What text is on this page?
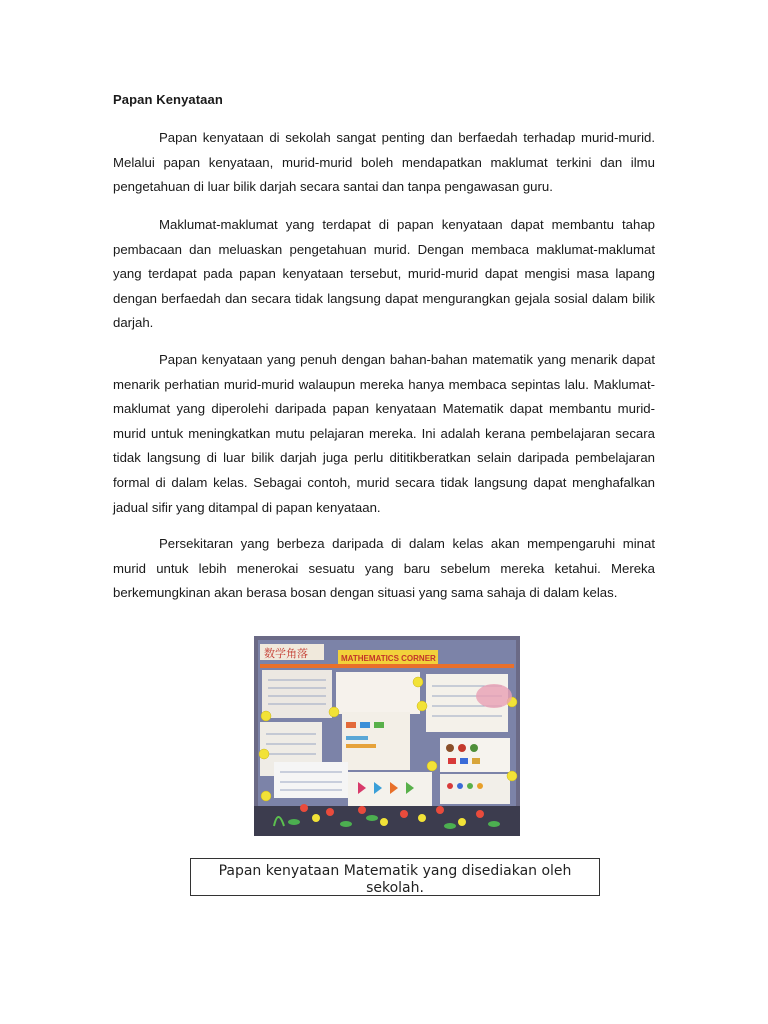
Papan Kenyataan

Papan kenyataan di sekolah sangat penting dan berfaedah terhadap murid-murid. Melalui papan kenyataan, murid-murid boleh mendapatkan maklumat terkini dan ilmu pengetahuan di luar bilik darjah secara santai dan tanpa pengawasan guru.

Maklumat-maklumat yang terdapat di papan kenyataan dapat membantu tahap pembacaan dan meluaskan pengetahuan murid. Dengan membaca maklumat-maklumat yang terdapat pada papan kenyataan tersebut, murid-murid dapat mengisi masa lapang dengan berfaedah dan secara tidak langsung dapat mengurangkan gejala sosial dalam bilik darjah.

Papan kenyataan yang penuh dengan bahan-bahan matematik yang menarik dapat menarik perhatian murid-murid walaupun mereka hanya membaca sepintas lalu. Maklumat-maklumat yang diperolehi daripada papan kenyataan Matematik dapat membantu murid-murid untuk meningkatkan mutu pelajaran mereka. Ini adalah kerana pembelajaran secara tidak langsung di luar bilik darjah juga perlu dititikberatkan selain daripada pembelajaran formal di dalam kelas. Sebagai contoh, murid secara tidak langsung dapat menghafalkan jadual sifir yang ditampal di papan kenyataan.

Persekitaran yang berbeza daripada di dalam kelas akan mempengaruhi minat murid untuk lebih menerokai sesuatu yang baru sebelum mereka ketahui. Mereka berkemungkinan akan berasa bosan dengan situasi yang sama sahaja di dalam kelas.

数学角落	MATHEMATICS CORNER
Papan kenyataan Matematik yang disediakan oleh sekolah.
